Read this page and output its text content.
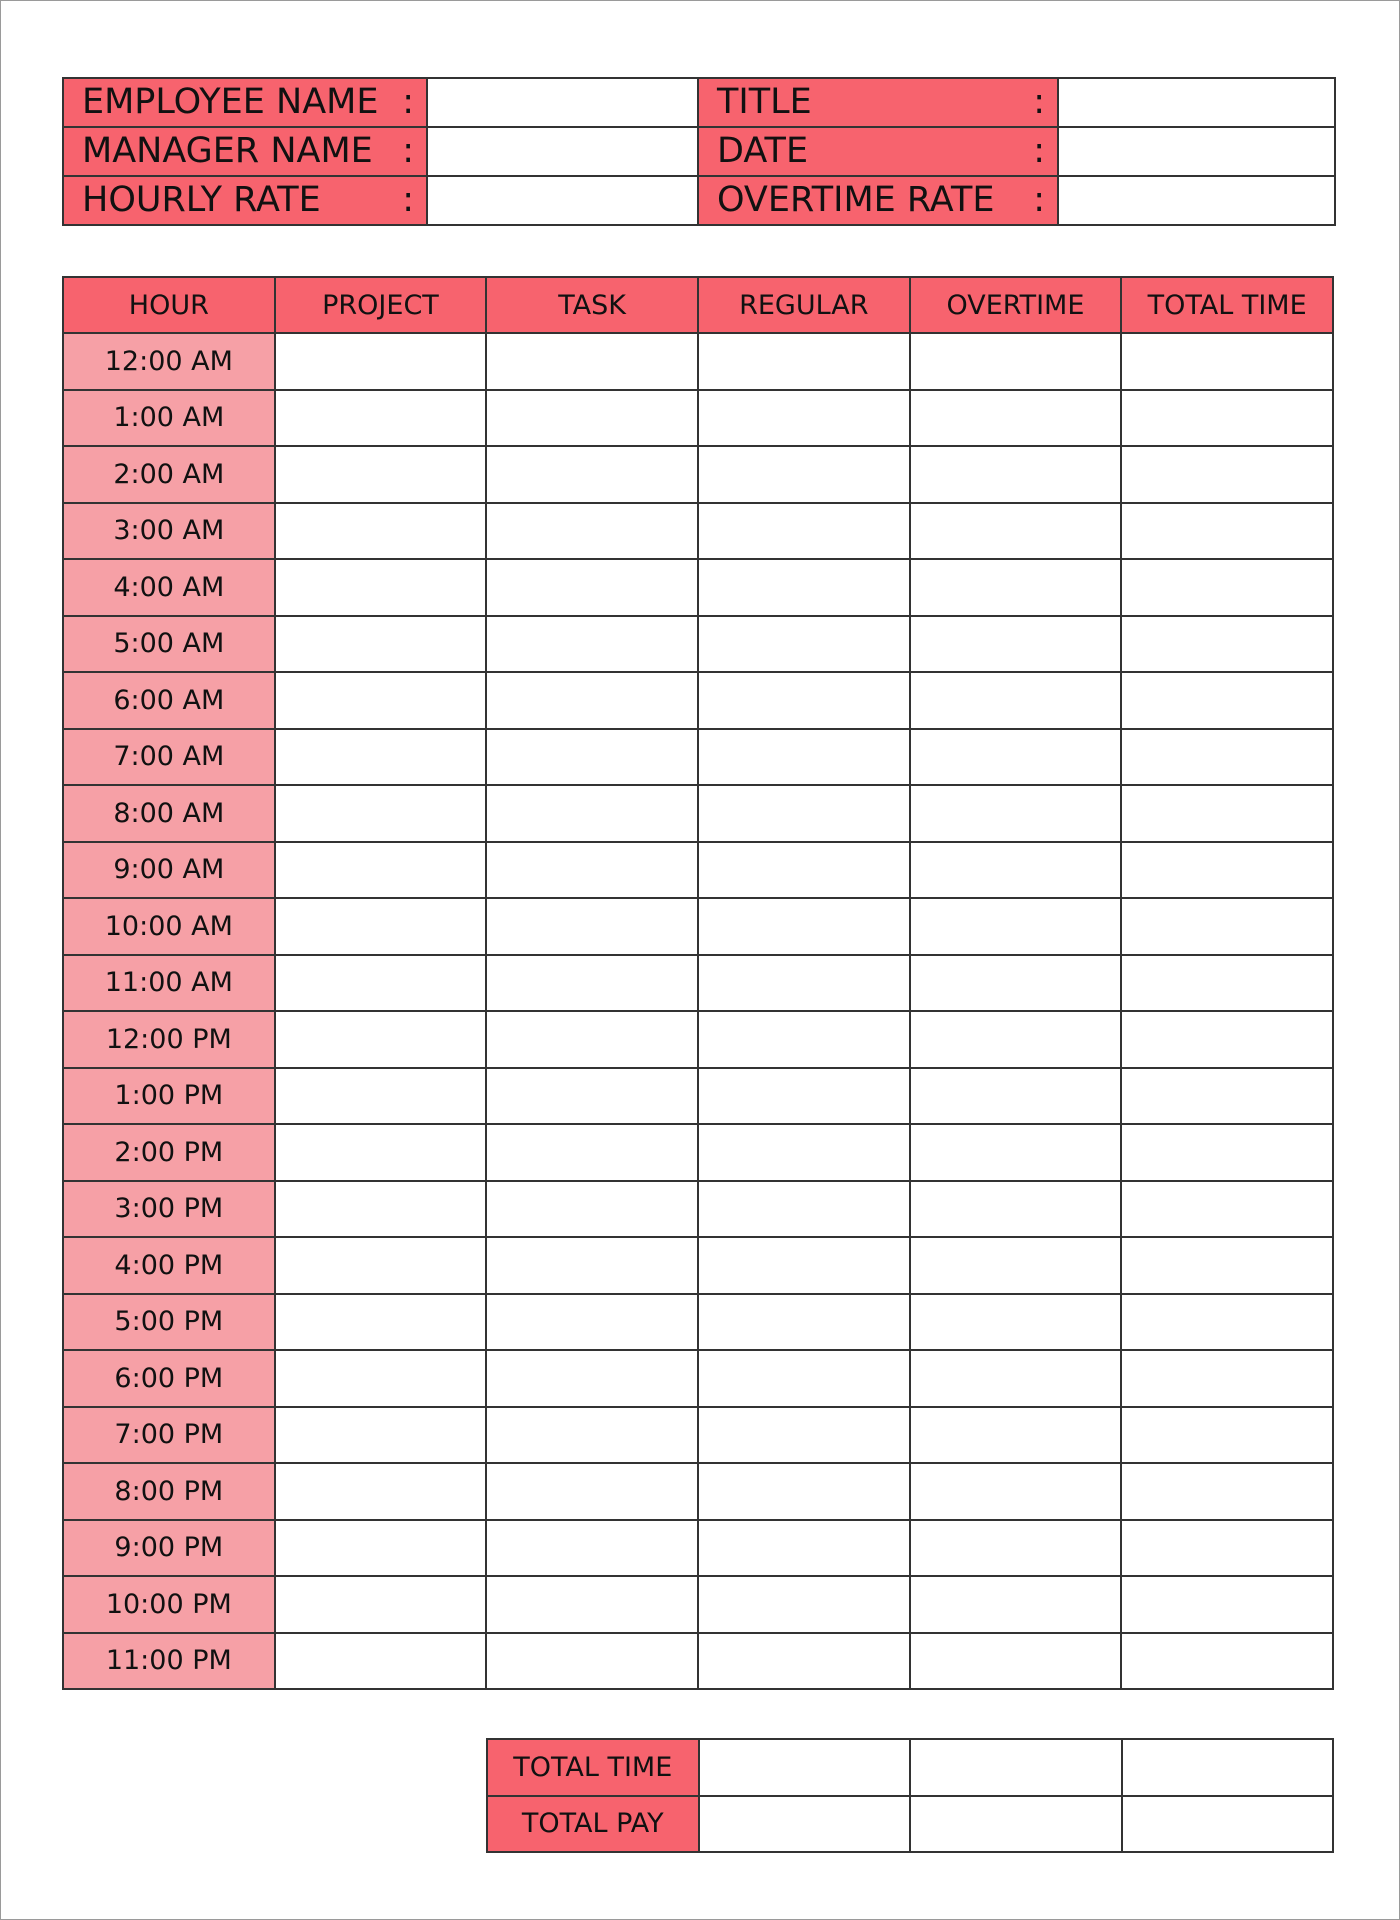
EMPLOYEE NAME :		TITLE :	

MANAGER NAME :		DATE :	

HOURLY RATE :		OVERTIME RATE :	

HOUR	PROJECT	TASK	REGULAR	OVERTIME	TOTAL TIME
12:00 AM					
1:00 AM					
2:00 AM					
3:00 AM					
4:00 AM					
5:00 AM					
6:00 AM					
7:00 AM					
8:00 AM					
9:00 AM					
10:00 AM					
11:00 AM					
12:00 PM					
1:00 PM					
2:00 PM					
3:00 PM					
4:00 PM					
5:00 PM					
6:00 PM					
7:00 PM					
8:00 PM					
9:00 PM					
10:00 PM					
11:00 PM					
TOTAL TIME			
TOTAL PAY			
